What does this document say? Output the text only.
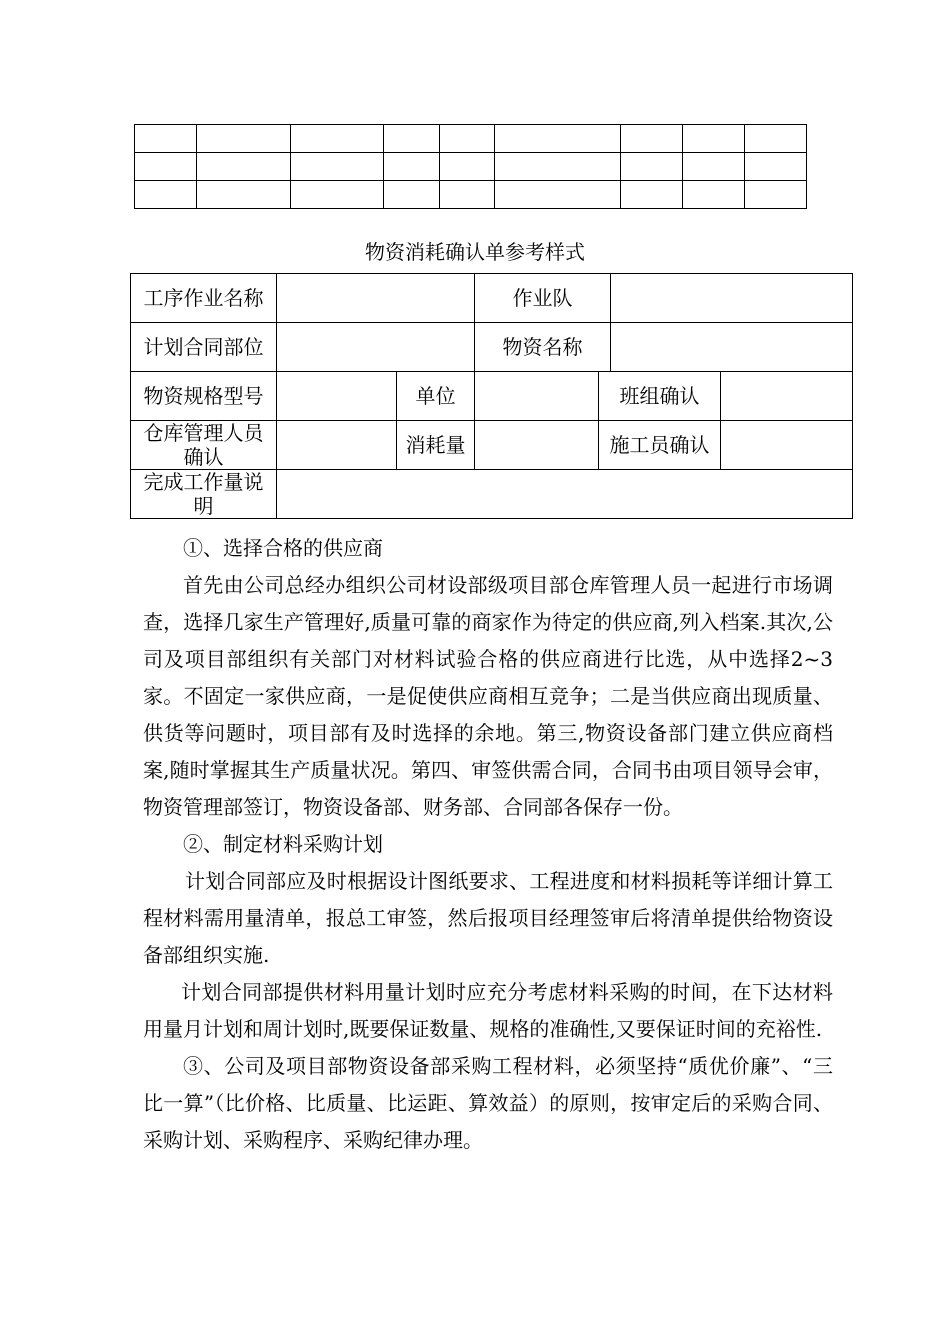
物资消耗确认单参考样式
工序作业名称			作业队			
计划合同部位			物资名称			
物资规格型号		单位		班组确认		
仓库管理人员确认		消耗量		施工员确认		
完成工作量说明						

①、选择合格的供应商

首先由公司总经办组织公司材设部级项目部仓库管理人员一起进行市场调查，选择几家生产管理好,质量可靠的商家作为待定的供应商,列入档案.其次,公司及项目部组织有关部门对材料试验合格的供应商进行比选，从中选择2~3家。不固定一家供应商，一是促使供应商相互竞争；二是当供应商出现质量、供货等问题时，项目部有及时选择的余地。第三,物资设备部门建立供应商档案,随时掌握其生产质量状况。第四、审签供需合同，合同书由项目领导会审，物资管理部签订，物资设备部、财务部、合同部各保存一份。

②、制定材料采购计划

计划合同部应及时根据设计图纸要求、工程进度和材料损耗等详细计算工程材料需用量清单，报总工审签，然后报项目经理签审后将清单提供给物资设备部组织实施.

计划合同部提供材料用量计划时应充分考虑材料采购的时间，在下达材料用量月计划和周计划时,既要保证数量、规格的准确性,又要保证时间的充裕性.

③、公司及项目部物资设备部采购工程材料，必须坚持“质优价廉”、“三比一算”（比价格、比质量、比运距、算效益）的原则，按审定后的采购合同、采购计划、采购程序、采购纪律办理。
